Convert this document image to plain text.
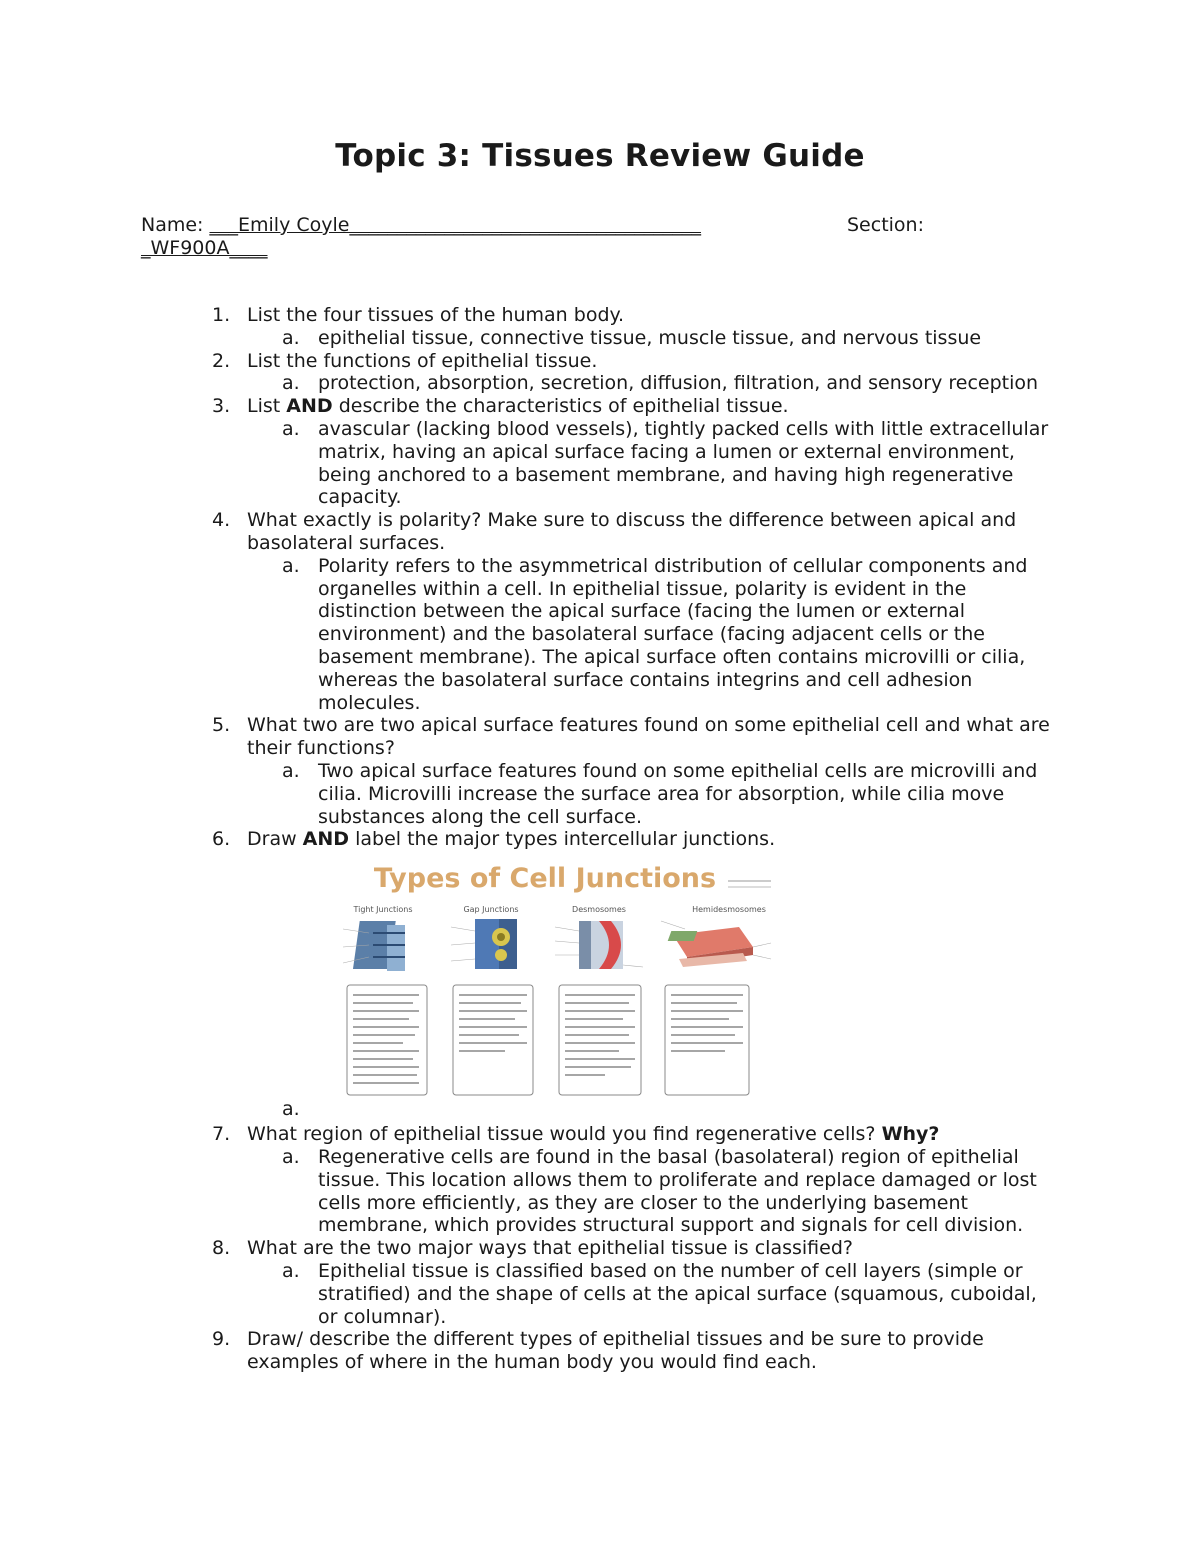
Topic 3: Tissues Review Guide
Name: ___Emily Coyle_____________________________________	Section:
_WF900A____
1. List the four tissues of the human body.
a. epithelial tissue, connective tissue, muscle tissue, and nervous tissue
2. List the functions of epithelial tissue.
a. protection, absorption, secretion, diffusion, filtration, and sensory reception
3. List AND describe the characteristics of epithelial tissue.
a. avascular (lacking blood vessels), tightly packed cells with little extracellular matrix, having an apical surface facing a lumen or external environment, being anchored to a basement membrane, and having high regenerative capacity.
4. What exactly is polarity? Make sure to discuss the difference between apical and basolateral surfaces.
a. Polarity refers to the asymmetrical distribution of cellular components and organelles within a cell. In epithelial tissue, polarity is evident in the distinction between the apical surface (facing the lumen or external environment) and the basolateral surface (facing adjacent cells or the basement membrane). The apical surface often contains microvilli or cilia, whereas the basolateral surface contains integrins and cell adhesion molecules.
5. What two are two apical surface features found on some epithelial cell and what are their functions?
a. Two apical surface features found on some epithelial cells are microvilli and cilia. Microvilli increase the surface area for absorption, while cilia move substances along the cell surface.
6. Draw AND label the major types intercellular junctions.
Types of Cell Junctions
Tight Junctions	Gap Junctions	Desmosomes	Hemidesmosomes
a.
7. What region of epithelial tissue would you find regenerative cells? Why?
a. Regenerative cells are found in the basal (basolateral) region of epithelial tissue. This location allows them to proliferate and replace damaged or lost cells more efficiently, as they are closer to the underlying basement membrane, which provides structural support and signals for cell division.
8. What are the two major ways that epithelial tissue is classified?
a. Epithelial tissue is classified based on the number of cell layers (simple or stratified) and the shape of cells at the apical surface (squamous, cuboidal, or columnar).
9. Draw/ describe the different types of epithelial tissues and be sure to provide examples of where in the human body you would find each.
